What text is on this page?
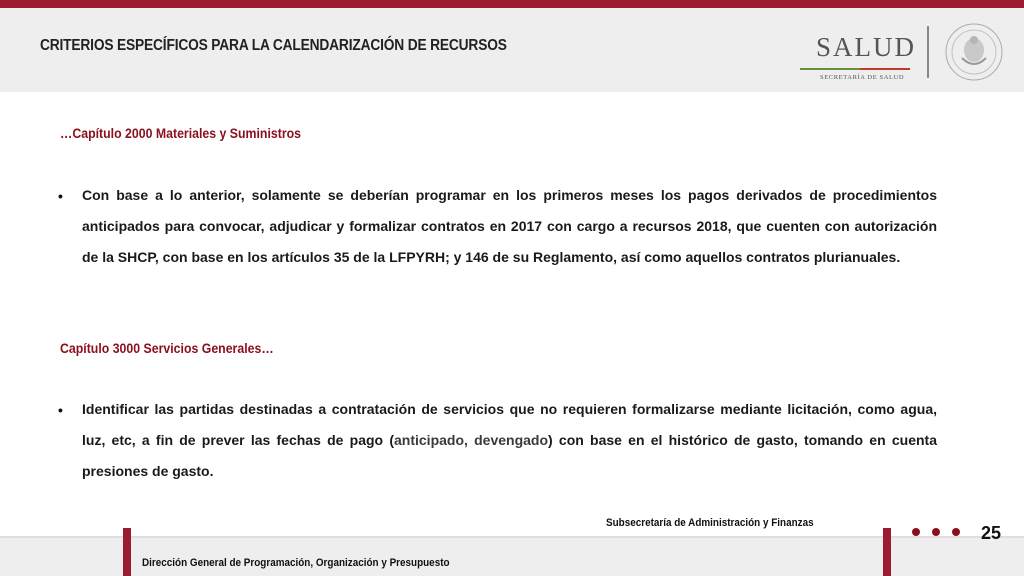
CRITERIOS ESPECÍFICOS PARA LA CALENDARIZACIÓN DE RECURSOS	SALUD
SECRETARÍA DE SALUD
…Capítulo 2000 Materiales y Suministros
• Con base a lo anterior, solamente se deberían programar en los primeros meses los pagos derivados de procedimientos anticipados para convocar, adjudicar y formalizar contratos en 2017 con cargo a recursos 2018, que cuenten con autorización de la SHCP, con base en los artículos 35 de la LFPYRH; y 146 de su Reglamento, así como aquellos contratos plurianuales.
Capítulo 3000 Servicios Generales…
• Identificar las partidas destinadas a contratación de servicios que no requieren formalizarse mediante licitación, como agua, luz, etc, a fin de prever las fechas de pago (anticipado, devengado) con base en el histórico de gasto, tomando en cuenta presiones de gasto.
Subsecretaría de Administración y Finanzas
Dirección General de Programación, Organización y Presupuesto
25
